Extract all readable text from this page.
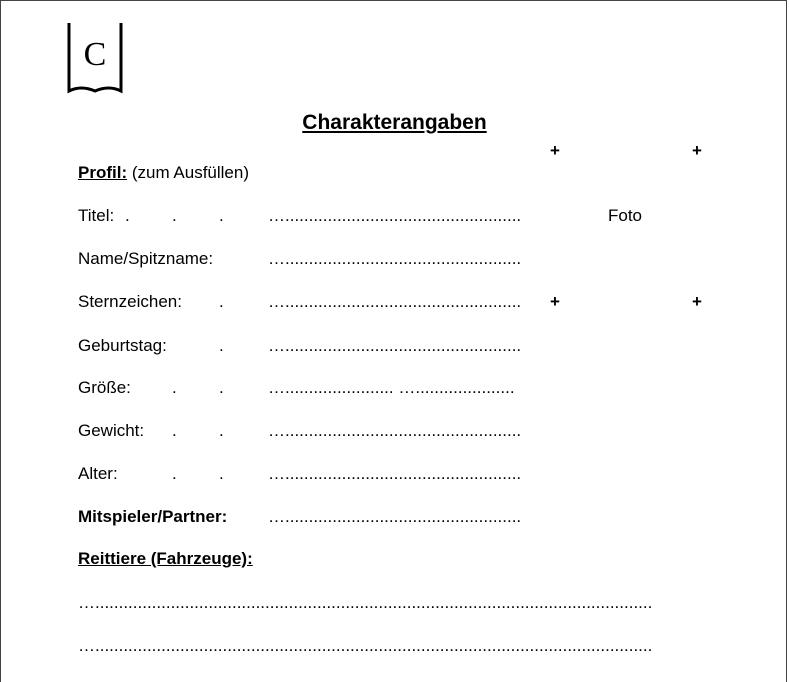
C
Charakterangaben
+	+
+	+
Profil: (zum Ausfüllen)
Foto
Titel: . . .	…..................................................
Name/Spitzname:	…..................................................
Sternzeichen: .	…..................................................
Geburtstag:	.	…..................................................
Größe: . .	…....................... ….....................
Gewicht: . .	…..................................................
Alter:	. .	…..................................................
Mitspieler/Partner: …..................................................
Reittiere (Fahrzeuge):
…......................................................................................................................
…......................................................................................................................
